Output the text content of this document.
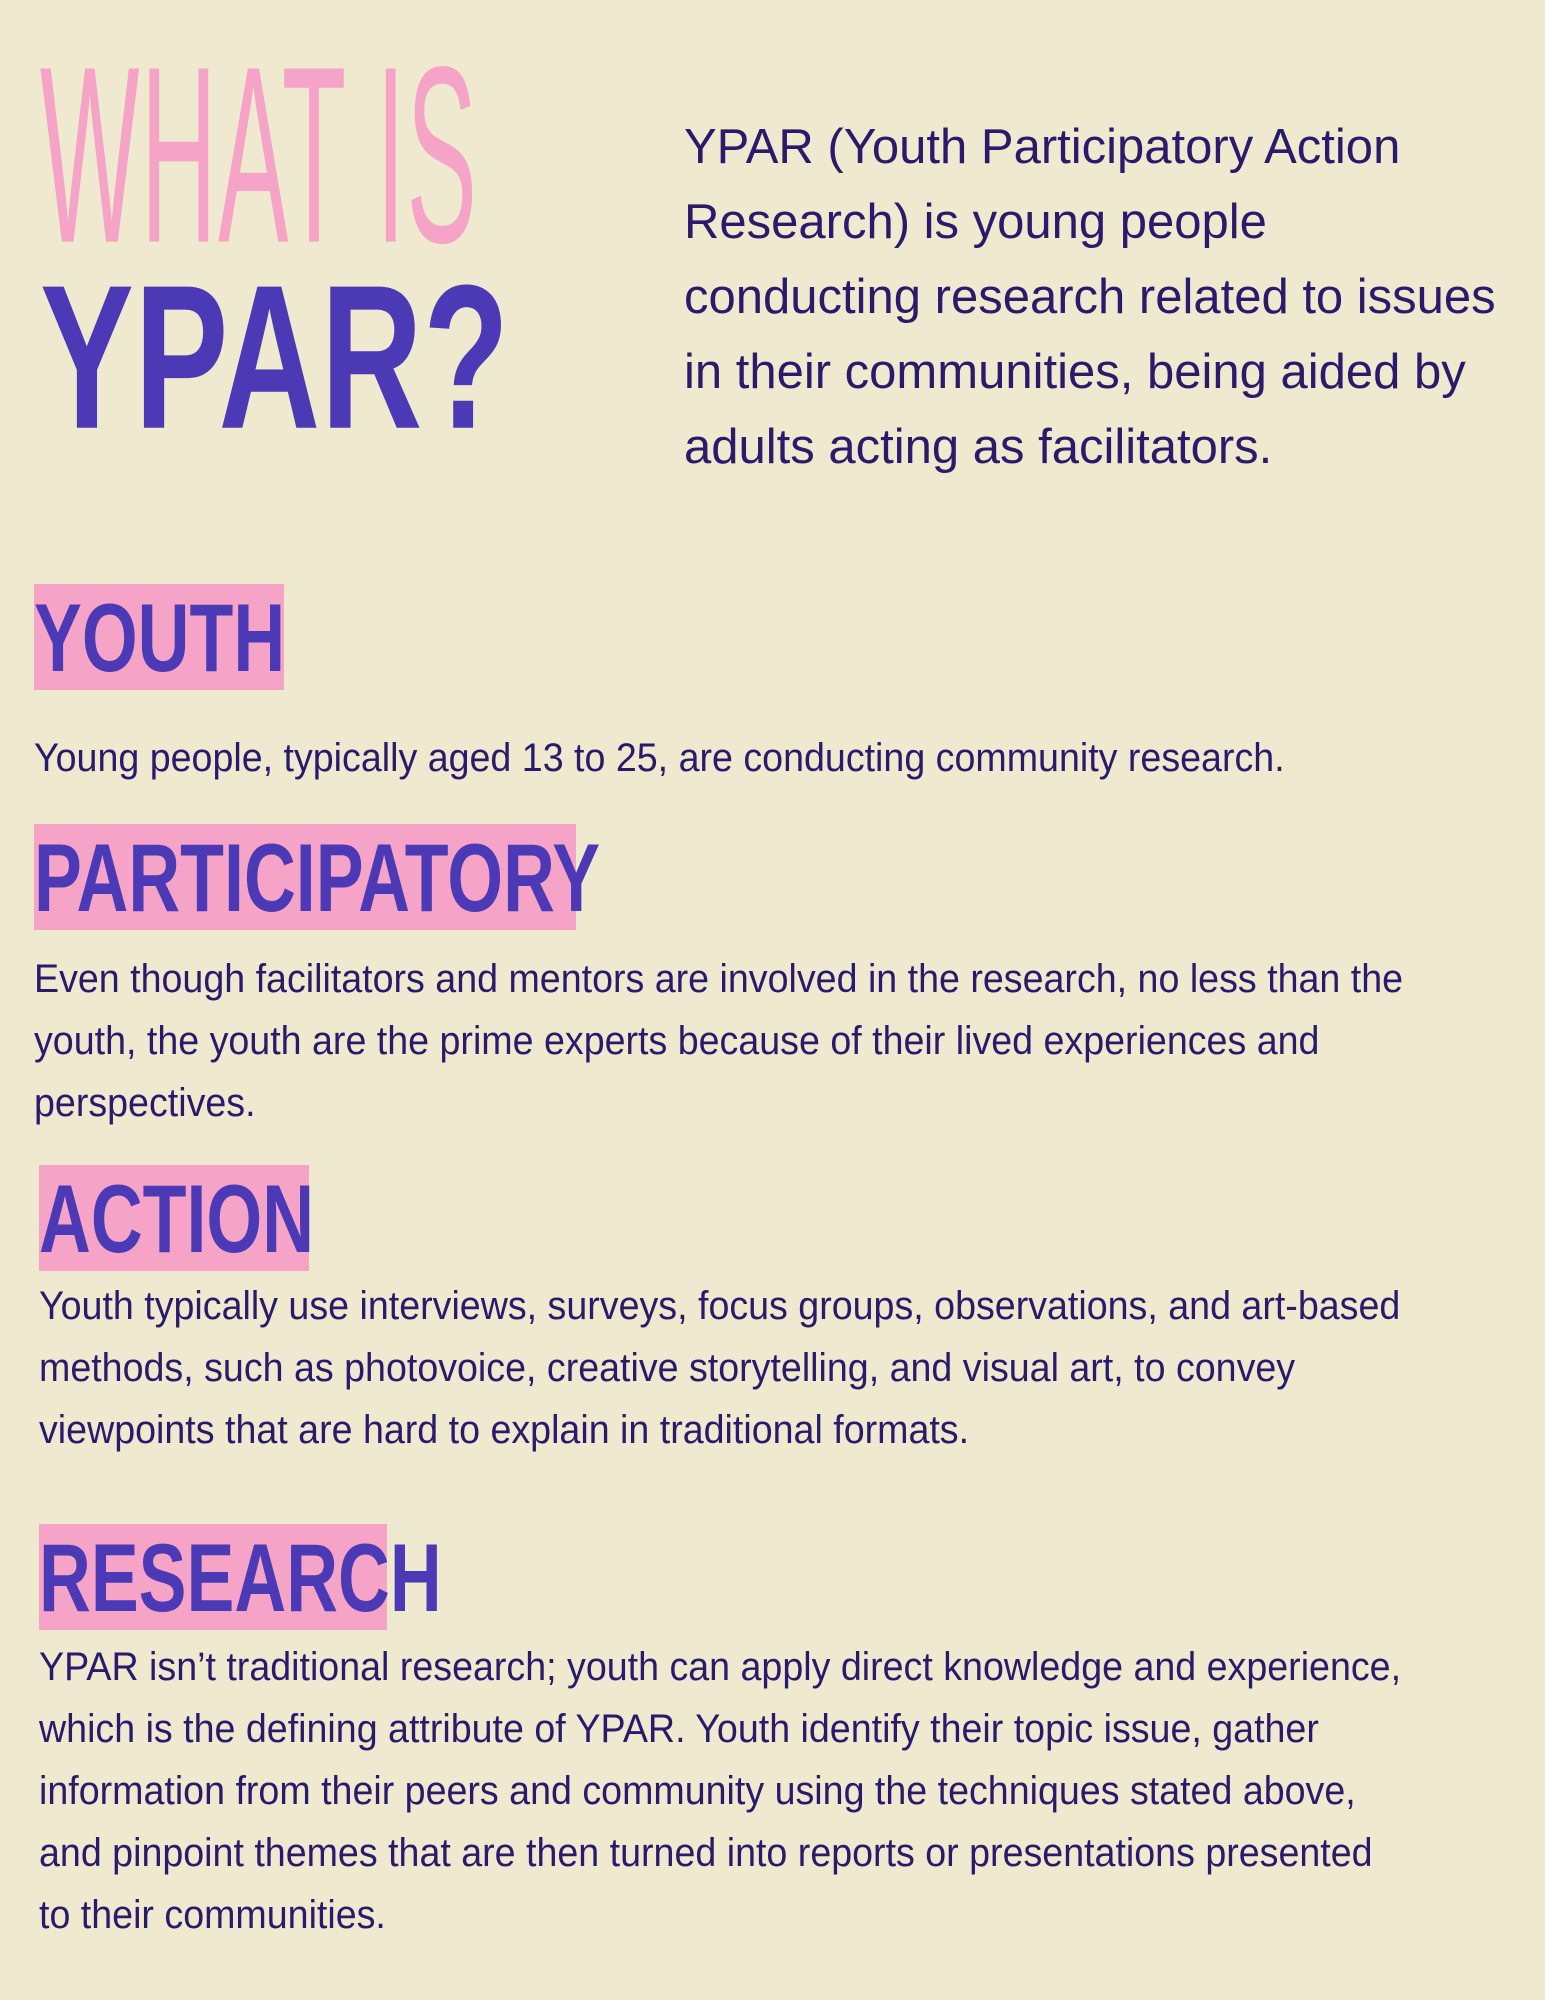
WHAT IS
YPAR?
YPAR (Youth Participatory Action Research) is young people conducting research related to issues in their communities, being aided by adults acting as facilitators.
YOUTH
Young people, typically aged 13 to 25, are conducting community research.
PARTICIPATORY
Even though facilitators and mentors are involved in the research, no less than the youth, the youth are the prime experts because of their lived experiences and perspectives.
ACTION
Youth typically use interviews, surveys, focus groups, observations, and art-based methods, such as photovoice, creative storytelling, and visual art, to convey viewpoints that are hard to explain in traditional formats.
RESEARCH
YPAR isn’t traditional research; youth can apply direct knowledge and experience, which is the defining attribute of YPAR. Youth identify their topic issue, gather information from their peers and community using the techniques stated above, and pinpoint themes that are then turned into reports or presentations presented to their communities.
